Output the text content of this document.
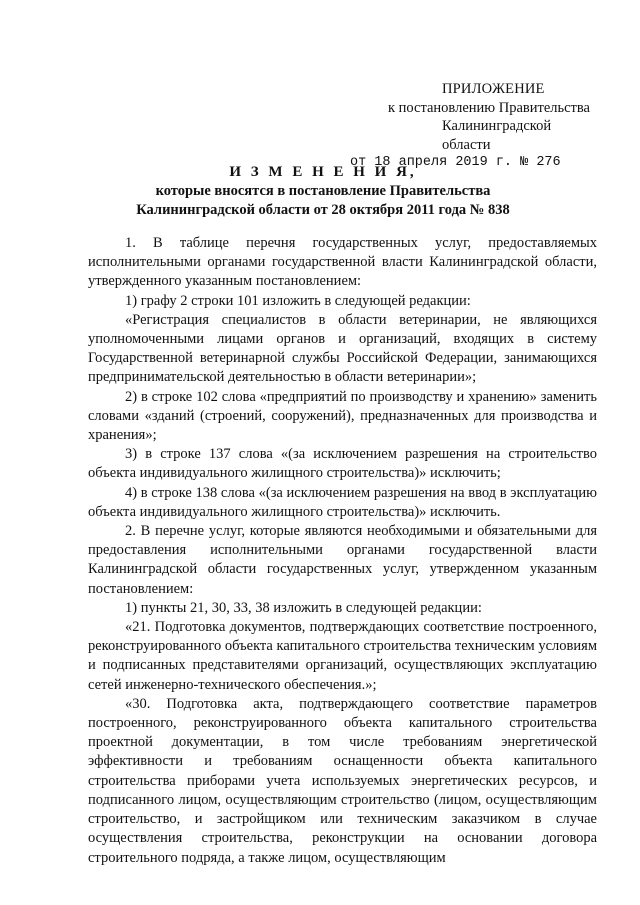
ПРИЛОЖЕНИЕ
к постановлению Правительства
Калининградской области
от 18 апреля 2019 г. № 276
И З М Е Н Е Н И Я,
которые вносятся в постановление Правительства
Калининградской области от 28 октября 2011 года № 838

1. В таблице перечня государственных услуг, предоставляемых исполнительными органами государственной власти Калининградской области, утвержденного указанным постановлением:

1) графу 2 строки 101 изложить в следующей редакции:

«Регистрация специалистов в области ветеринарии, не являющихся уполномоченными лицами органов и организаций, входящих в систему Государственной ветеринарной службы Российской Федерации, занимающихся предпринимательской деятельностью в области ветеринарии»;

2) в строке 102 слова «предприятий по производству и хранению» заменить словами «зданий (строений, сооружений), предназначенных для производства и хранения»;

3) в строке 137 слова «(за исключением разрешения на строительство объекта индивидуального жилищного строительства)» исключить;

4) в строке 138 слова «(за исключением разрешения на ввод в эксплуатацию объекта индивидуального жилищного строительства)» исключить.

2. В перечне услуг, которые являются необходимыми и обязательными для предоставления исполнительными органами государственной власти Калининградской области государственных услуг, утвержденном указанным постановлением:

1) пункты 21, 30, 33, 38 изложить в следующей редакции:

«21. Подготовка документов, подтверждающих соответствие построенного, реконструированного объекта капитального строительства техническим условиям и подписанных представителями организаций, осуществляющих эксплуатацию сетей инженерно-технического обеспечения.»;

«30. Подготовка акта, подтверждающего соответствие параметров построенного, реконструированного объекта капитального строительства проектной документации, в том числе требованиям энергетической эффективности и требованиям оснащенности объекта капитального строительства приборами учета используемых энергетических ресурсов, и подписанного лицом, осуществляющим строительство (лицом, осуществляющим строительство, и застройщиком или техническим заказчиком в случае осуществления строительства, реконструкции на основании договора строительного подряда, а также лицом, осуществляющим
